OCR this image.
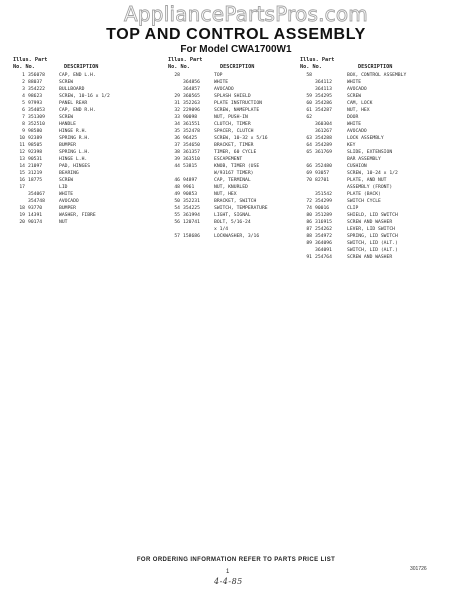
AppliancePartsPros.com
TOP AND CONTROL ASSEMBLY
For Model CWA1700W1
Illus. Part
No. No.	DESCRIPTION
1 356078	CAP, END L.H.
2 88037	SCREW
3 354222	BULLBOARD
4 98623	SCREW, 10-16 x 1/2
5 97993	PANEL REAR
6 354053	CAP, END R.H.
7 351309	SCREW
8 352510	HANDLE
9 98580	HINGE R.H.
10 92389	SPRING R.H.
11 98505	BUMPER
12 92398	SPRING L.H.
13 90531	HINGE L.H.
14 21097	PAD, HINGES
15 31219	BEARING
16 18775	SCREW
17	LID
354067	WHITE
354748	AVOCADO
18 93770	BUMPER
19 14391	WASHER, FIBRE
20 90174	NUT
Illus. Part
No. No.	DESCRIPTION
28	TOP
364856	WHITE
364857	AVOCADO
29 360565	SPLASH SHIELD
31 352263	PLATE INSTRUCTION
32 229096	SCREW, NAMEPLATE
33 90098	NUT, PUSH-IN
34 361551	CLUTCH, TIMER
35 352478	SPACER, CLUTCH
36 96425	SCREW, 10-32 x 5/16
37 354650	BRACKET, TIMER
38 361357	TIMER, 60 CYCLE
39 363510	ESCAPEMENT
44 53815	KNOB, TIMER (USE
W/93167 TIMER)
46 94897	CAP, TERMINAL
48 9961	NUT, KNURLED
49 90853	NUT, HEX
50 352231	BRACKET, SWITCH
54 354225	SWITCH, TEMPERATURE
55 361994	LIGHT, SIGNAL
56 120741	BOLT, 5/16-24
x 1/4
57 158686	LOCKWASHER, 3/16
Illus. Part
No. No.	DESCRIPTION
58	BOX, CONTROL ASSEMBLY
364112	WHITE
364113	AVOCADO
59 354295	SCREW
60 354286	CAM, LOCK
61 354287	NUT, HEX
62	DOOR
360304	WHITE
361267	AVOCADO
63 354288	LOCK ASSEMBLY
64 354289	KEY
65 361769	SLIDE, EXTENSION
BAR ASSEMBLY
66 352480	CUSHION
69 93057	SCREW, 10-24 x 1/2
70 82701	PLATE, AND NUT
ASSEMBLY (FRONT)
351542	PLATE (BACK)
72 354299	SWITCH CYCLE
74 90016	CLIP
80 351289	SHIELD, LID SWITCH
86 316915	SCREW AND WASHER
87 254262	LEVER, LID SWITCH
88 354972	SPRING, LID SWITCH
89 364096	SWITCH, LID (ALT.)
364091	SWITCH, LID (ALT.)
91 254764	SCREW AND WASHER
FOR ORDERING INFORMATION REFER TO PARTS PRICE LIST
1
4-4-85
301726
